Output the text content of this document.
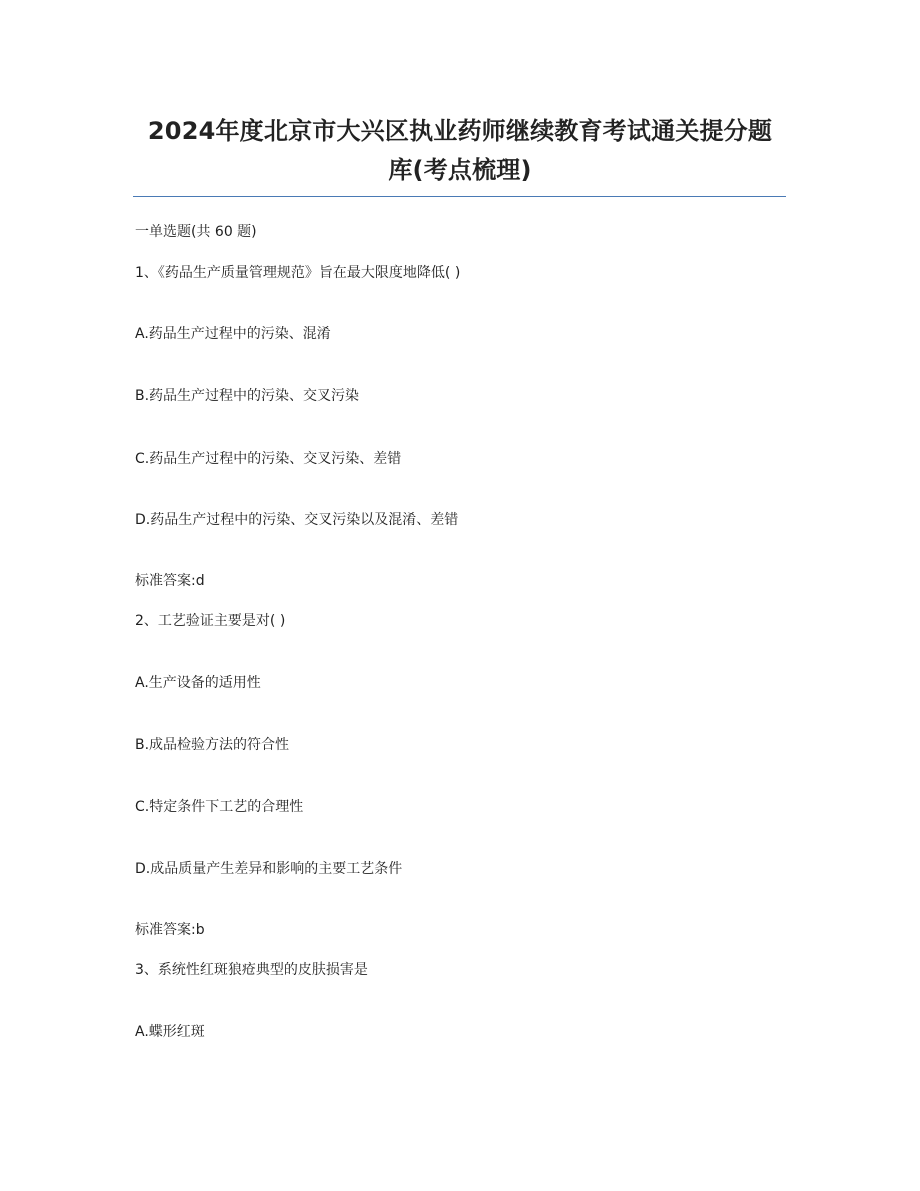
2024年度北京市大兴区执业药师继续教育考试通关提分题
库(考点梳理)
一单选题(共 60 题)
1、《药品生产质量管理规范》旨在最大限度地降低( )
A.药品生产过程中的污染、混淆
B.药品生产过程中的污染、交叉污染
C.药品生产过程中的污染、交叉污染、差错
D.药品生产过程中的污染、交叉污染以及混淆、差错
标准答案:d
2、工艺验证主要是对( )
A.生产设备的适用性
B.成品检验方法的符合性
C.特定条件下工艺的合理性
D.成品质量产生差异和影响的主要工艺条件
标准答案:b
3、系统性红斑狼疮典型的皮肤损害是
A.蝶形红斑
